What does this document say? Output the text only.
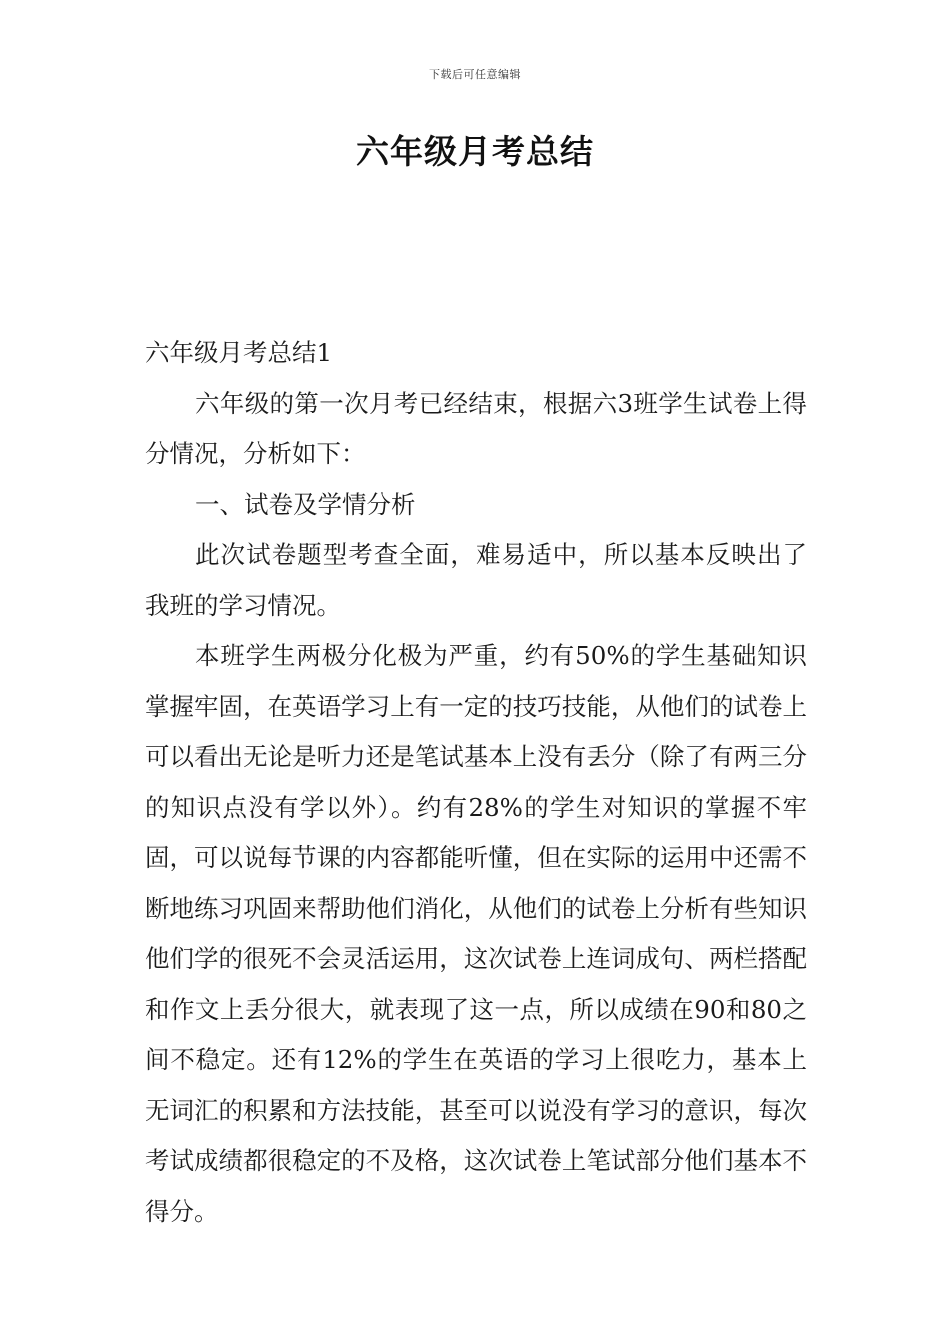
下载后可任意编辑
六年级月考总结

六年级月考总结1

六年级的第一次月考已经结束，根据六3班学生试卷上得分情况，分析如下：

一、试卷及学情分析

此次试卷题型考查全面，难易适中，所以基本反映出了我班的学习情况。

本班学生两极分化极为严重，约有50%的学生基础知识掌握牢固，在英语学习上有一定的技巧技能，从他们的试卷上可以看出无论是听力还是笔试基本上没有丢分（除了有两三分的知识点没有学以外）。约有28%的学生对知识的掌握不牢固，可以说每节课的内容都能听懂，但在实际的运用中还需不断地练习巩固来帮助他们消化，从他们的试卷上分析有些知识他们学的很死不会灵活运用，这次试卷上连词成句、两栏搭配和作文上丢分很大，就表现了这一点，所以成绩在90和80之间不稳定。还有12%的学生在英语的学习上很吃力，基本上无词汇的积累和方法技能，甚至可以说没有学习的意识，每次考试成绩都很稳定的不及格，这次试卷上笔试部分他们基本不得分。
